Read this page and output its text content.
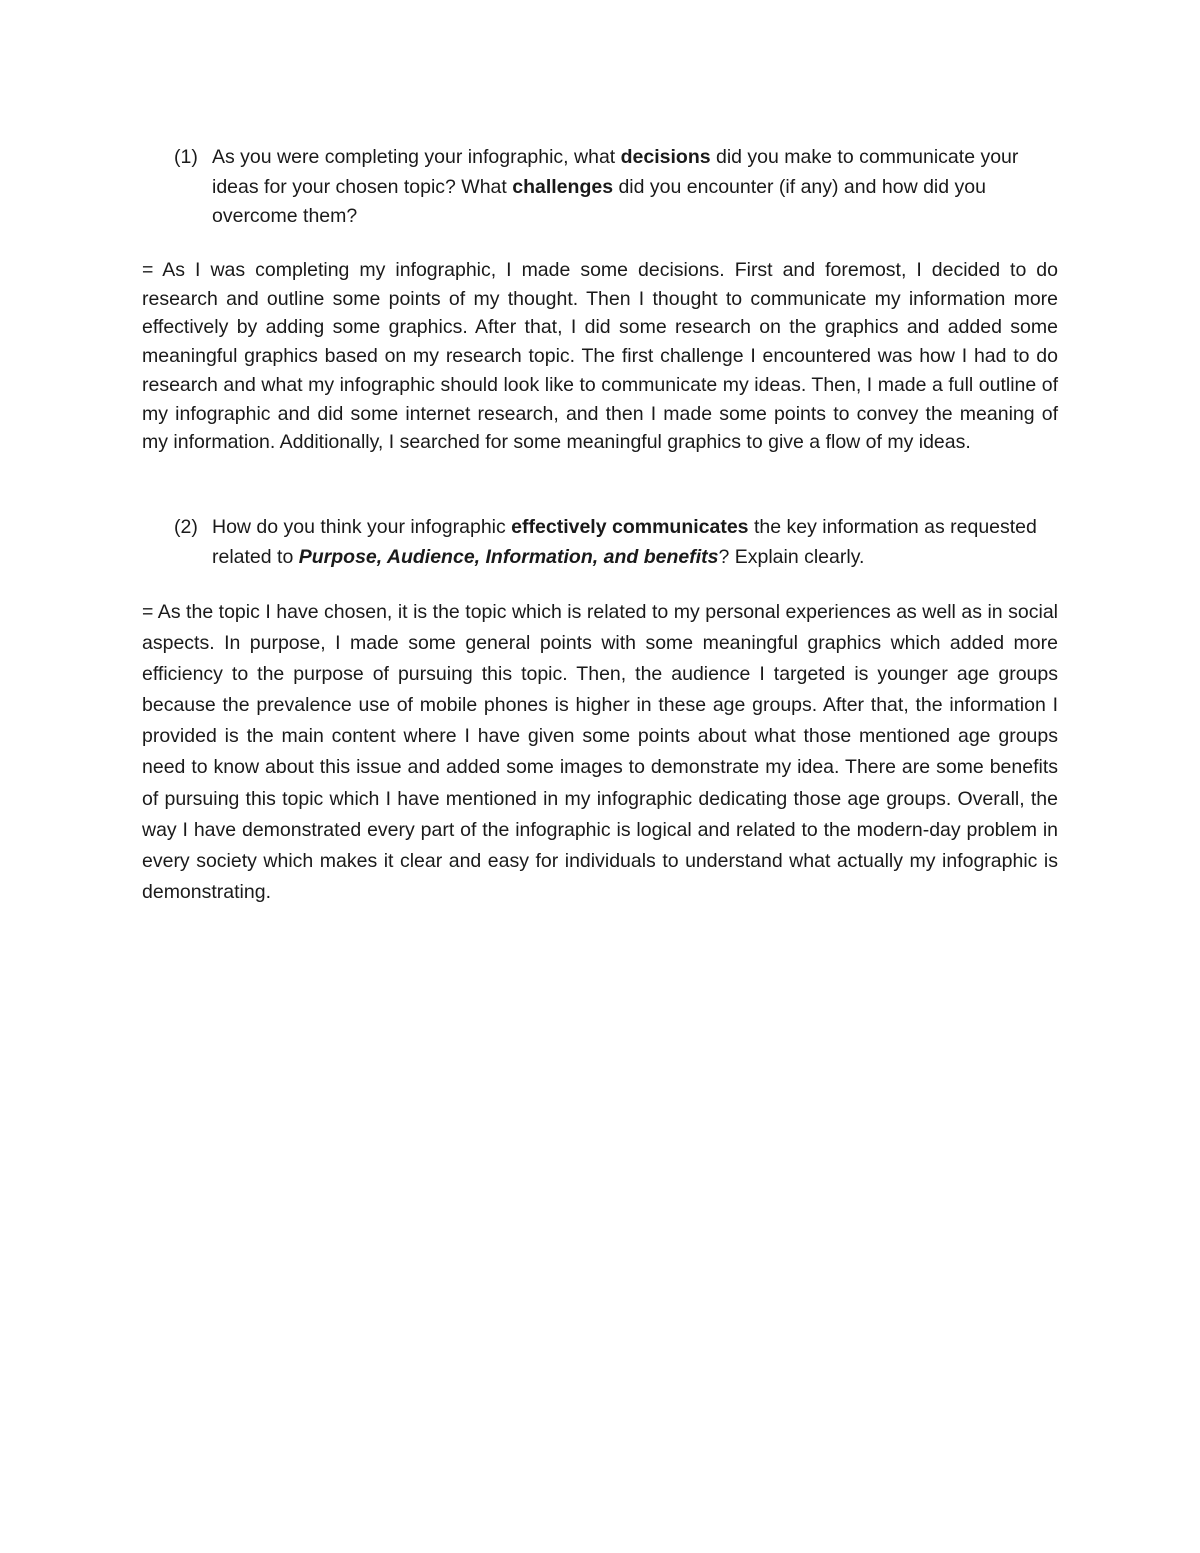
(1) As you were completing your infographic, what decisions did you make to communicate your ideas for your chosen topic? What challenges did you encounter (if any) and how did you overcome them?

= As I was completing my infographic, I made some decisions. First and foremost, I decided to do research and outline some points of my thought. Then I thought to communicate my information more effectively by adding some graphics. After that, I did some research on the graphics and added some meaningful graphics based on my research topic. The first challenge I encountered was how I had to do research and what my infographic should look like to communicate my ideas. Then, I made a full outline of my infographic and did some internet research, and then I made some points to convey the meaning of my information. Additionally, I searched for some meaningful graphics to give a flow of my ideas.

(2) How do you think your infographic effectively communicates the key information as requested related to Purpose, Audience, Information, and benefits? Explain clearly.

= As the topic I have chosen, it is the topic which is related to my personal experiences as well as in social aspects. In purpose, I made some general points with some meaningful graphics which added more efficiency to the purpose of pursuing this topic. Then, the audience I targeted is younger age groups because the prevalence use of mobile phones is higher in these age groups. After that, the information I provided is the main content where I have given some points about what those mentioned age groups need to know about this issue and added some images to demonstrate my idea. There are some benefits of pursuing this topic which I have mentioned in my infographic dedicating those age groups. Overall, the way I have demonstrated every part of the infographic is logical and related to the modern-day problem in every society which makes it clear and easy for individuals to understand what actually my infographic is demonstrating.
